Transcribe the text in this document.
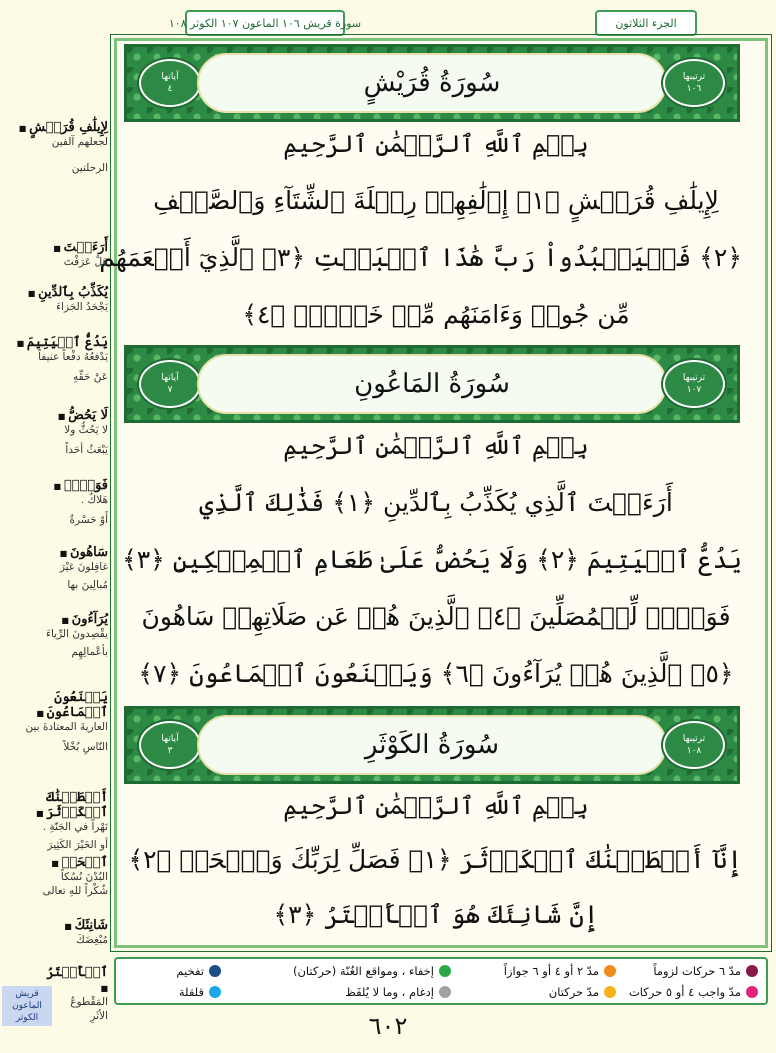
الجزء الثلاثون
سورة قريش ١٠٦ الماعون ١٠٧ الكوثر ١٠٨
آياتها
٤	سُورَةُ قُرَيْشٍ	ترتيبها
١٠٦
بِسۡمِ ٱللَّهِ ٱلرَّحۡمَٰنِ ٱلرَّحِيمِ
لِإِيلَٰفِ قُرَيۡشٍ ﴿١﴾ إِۦلَٰفِهِمۡ رِحۡلَةَ ٱلشِّتَآءِ وَٱلصَّيۡفِ
﴿٢﴾ فَلۡيَعۡبُدُواْ رَبَّ هَٰذَا ٱلۡبَيۡتِ ﴿٣﴾ ٱلَّذِيٓ أَطۡعَمَهُم
مِّن جُوعٖ وَءَامَنَهُم مِّنۡ خَوۡفِۭ ﴿٤﴾
آياتها
٧	سُورَةُ المَاعُونِ	ترتيبها
١٠٧
بِسۡمِ ٱللَّهِ ٱلرَّحۡمَٰنِ ٱلرَّحِيمِ
أَرَءَيۡتَ ٱلَّذِي يُكَذِّبُ بِٱلدِّينِ ﴿١﴾ فَذَٰلِكَ ٱلَّذِي
يَدُعُّ ٱلۡيَتِيمَ ﴿٢﴾ وَلَا يَحُضُّ عَلَىٰ طَعَامِ ٱلۡمِسۡكِينِ ﴿٣﴾
فَوَيۡلٞ لِّلۡمُصَلِّينَ ﴿٤﴾ ٱلَّذِينَ هُمۡ عَن صَلَاتِهِمۡ سَاهُونَ
﴿٥﴾ ٱلَّذِينَ هُمۡ يُرَآءُونَ ﴿٦﴾ وَيَمۡنَعُونَ ٱلۡمَاعُونَ ﴿٧﴾
آياتها
٣	سُورَةُ الكَوْثَرِ	ترتيبها
١٠٨
بِسۡمِ ٱللَّهِ ٱلرَّحۡمَٰنِ ٱلرَّحِيمِ
إِنَّآ أَعۡطَيۡنَٰكَ ٱلۡكَوۡثَرَ ﴿١﴾ فَصَلِّ لِرَبِّكَ وَٱنۡحَرۡ ﴿٢﴾
إِنَّ شَانِئَكَ هُوَ ٱلۡأَبۡتَرُ ﴿٣﴾
لِإِيلَٰفِ قُرَيۡشٍ ■
لجعلهم آلفين
الرحلتين
أَرَءَيۡتَ ■
هَلْ عَرَفْتَ
يُكَذِّبُ بِٱلدِّينِ ■
يَجْحَدُ الجَزاءَ
يَدُعُّ ٱلۡيَتِيمَ ■
يَدْفعُهُ دفْعاً عنيفاً
عَنْ حَقِّهِ
لَا يَحُضُّ ■
لا يَحُثُّ ولا
يَبْعَثُ أحَداً
فَوَيۡلٞ ■
هَلاكٌ .
أَوْ حَسْرةٌ
سَاهُونَ ■
غافِلونَ غيْرَ
مُبالِينَ بها
يُرَآءُونَ ■
يقْصِدونَ الرِّياءَ
بأعْمالِهِم
يَمۡنَعُونَ ٱلۡمَاعُونَ ■
العاريةَ المعتادةَ بين
النّاسِ بُخْلاً
أَعۡطَيۡنَٰكَ ٱلۡكَوۡثَرَ ■
نَهْراً في الجَنّةِ .
أو الخَيْرَ الكَثِيرَ
ٱنۡحَرۡ ■
البُدْنَ نُسُكاً
شُكْراً للهِ تعالى
شَانِئَكَ ■
مُبْغِضَكَ
ٱلۡأَبۡتَرُ ■
المَقْطوعُ
الأثَرِ
قريش
الماعون
الكوثر
مدّ ٦ حركات لزوماً
مدّ ٢ أو ٤ أو ٦ جوازاً
إخفاء ، ومواقع الغُنّة (حركتان)
تفخيم
مدّ واجب ٤ أو ٥ حركات
مدّ حركتان
إدغام ، وما لا يُلفَظ
قلقلة
٦٠٢
